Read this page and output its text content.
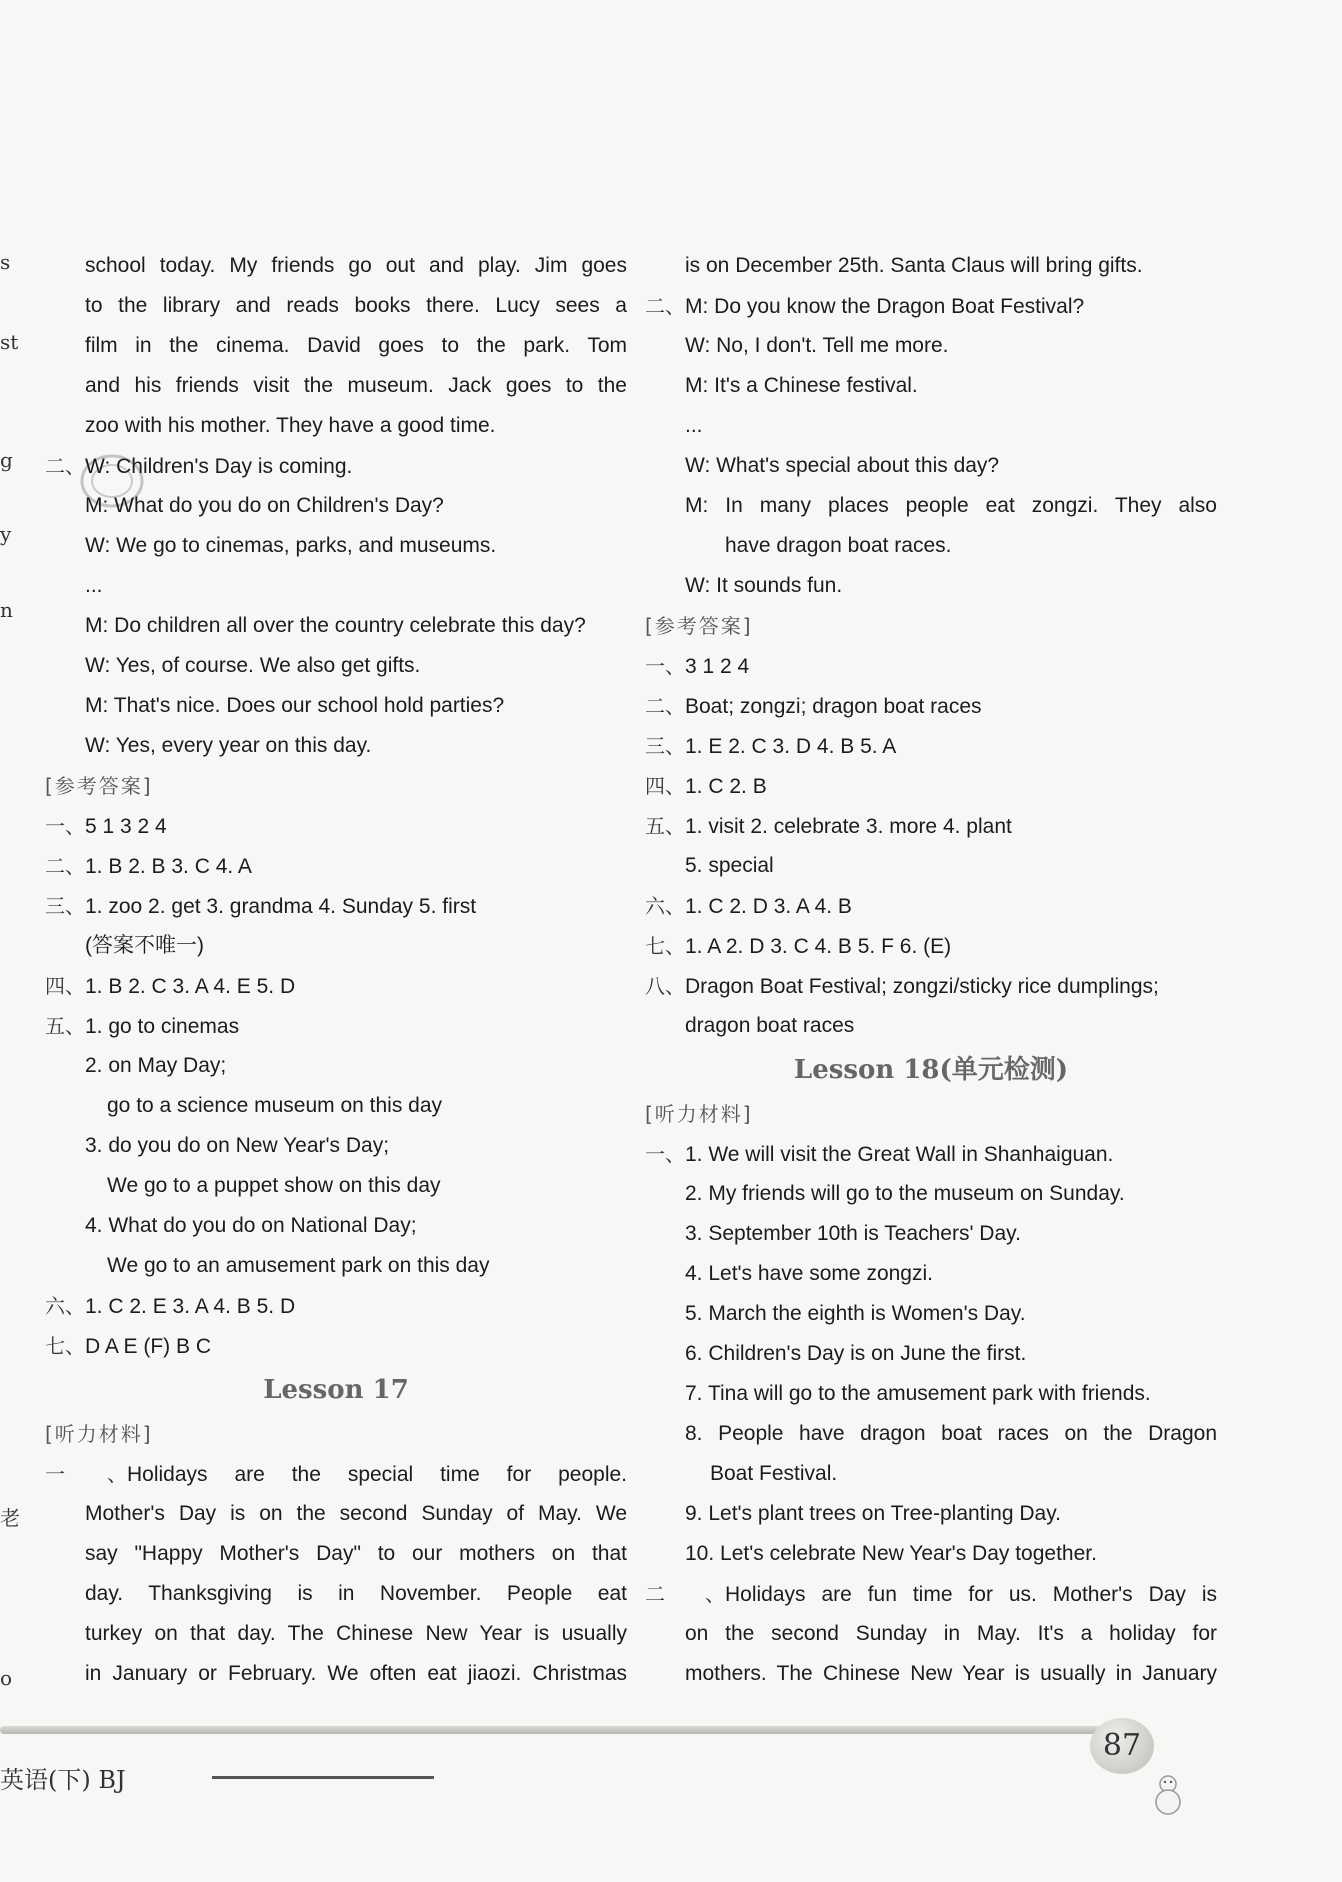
s
st
g
y
n
老
o
school today. My friends go out and play. Jim goes
to the library and reads books there. Lucy sees a
film in the cinema. David goes to the park. Tom
and his friends visit the museum. Jack goes to the
zoo with his mother. They have a good time.
二、W: Children's Day is coming.
M: What do you do on Children's Day?
W: We go to cinemas, parks, and museums.
...
M: Do children all over the country celebrate this day?
W: Yes, of course. We also get gifts.
M: That's nice. Does our school hold parties?
W: Yes, every year on this day.
[参考答案]
一、5 1 3 2 4
二、1. B 2. B 3. C 4. A
三、1. zoo 2. get 3. grandma 4. Sunday 5. first
(答案不唯一)
四、1. B 2. C 3. A 4. E 5. D
五、1. go to cinemas
2. on May Day;
go to a science museum on this day
3. do you do on New Year's Day;
We go to a puppet show on this day
4. What do you do on National Day;
We go to an amusement park on this day
六、1. C 2. E 3. A 4. B 5. D
七、D A E (F) B C
Lesson 17
[听力材料]
一、Holidays are the special time for people.
Mother's Day is on the second Sunday of May. We
say "Happy Mother's Day" to our mothers on that
day. Thanksgiving is in November. People eat
turkey on that day. The Chinese New Year is usually
in January or February. We often eat jiaozi. Christmas
is on December 25th. Santa Claus will bring gifts.
二、M: Do you know the Dragon Boat Festival?
W: No, I don't. Tell me more.
M: It's a Chinese festival.
...
W: What's special about this day?
M: In many places people eat zongzi. They also
have dragon boat races.
W: It sounds fun.
[参考答案]
一、3 1 2 4
二、Boat; zongzi; dragon boat races
三、1. E 2. C 3. D 4. B 5. A
四、1. C 2. B
五、1. visit 2. celebrate 3. more 4. plant
5. special
六、1. C 2. D 3. A 4. B
七、1. A 2. D 3. C 4. B 5. F 6. (E)
八、Dragon Boat Festival; zongzi/sticky rice dumplings;
dragon boat races
Lesson 18(单元检测)
[听力材料]
一、1. We will visit the Great Wall in Shanhaiguan.
2. My friends will go to the museum on Sunday.
3. September 10th is Teachers' Day.
4. Let's have some zongzi.
5. March the eighth is Women's Day.
6. Children's Day is on June the first.
7. Tina will go to the amusement park with friends.
8. People have dragon boat races on the Dragon
Boat Festival.
9. Let's plant trees on Tree-planting Day.
10. Let's celebrate New Year's Day together.
二、Holidays are fun time for us. Mother's Day is
on the second Sunday in May. It's a holiday for
mothers. The Chinese New Year is usually in January
英语(下) BJ
87
